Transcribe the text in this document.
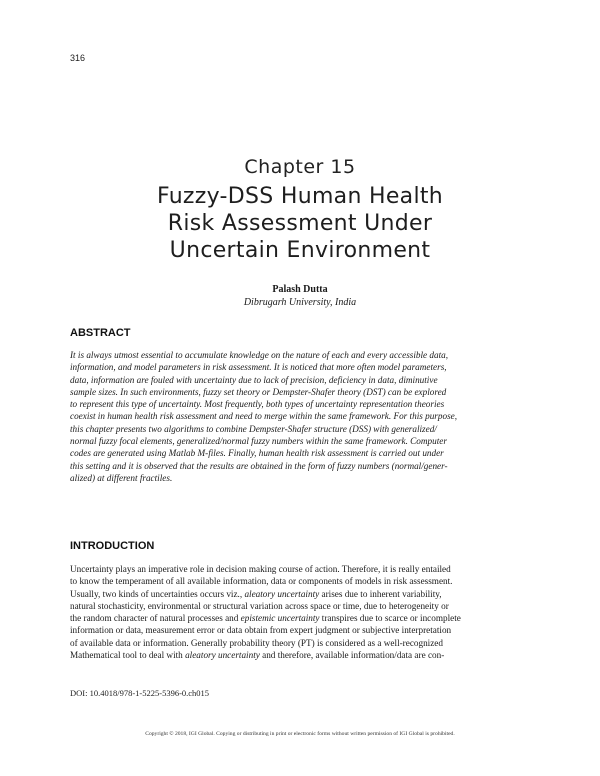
316
Chapter 15
Fuzzy-DSS Human Health
Risk Assessment Under
Uncertain Environment
Palash Dutta
Dibrugarh University, India
ABSTRACT
It is always utmost essential to accumulate knowledge on the nature of each and every accessible data,
information, and model parameters in risk assessment. It is noticed that more often model parameters,
data, information are fouled with uncertainty due to lack of precision, deficiency in data, diminutive
sample sizes. In such environments, fuzzy set theory or Dempster-Shafer theory (DST) can be explored
to represent this type of uncertainty. Most frequently, both types of uncertainty representation theories
coexist in human health risk assessment and need to merge within the same framework. For this purpose,
this chapter presents two algorithms to combine Dempster-Shafer structure (DSS) with generalized/
normal fuzzy focal elements, generalized/normal fuzzy numbers within the same framework. Computer
codes are generated using Matlab M-files. Finally, human health risk assessment is carried out under
this setting and it is observed that the results are obtained in the form of fuzzy numbers (normal/gener-
alized) at different fractiles.
INTRODUCTION
Uncertainty plays an imperative role in decision making course of action. Therefore, it is really entailed
to know the temperament of all available information, data or components of models in risk assessment.
Usually, two kinds of uncertainties occurs viz., aleatory uncertainty arises due to inherent variability,
natural stochasticity, environmental or structural variation across space or time, due to heterogeneity or
the random character of natural processes and epistemic uncertainty transpires due to scarce or incomplete
information or data, measurement error or data obtain from expert judgment or subjective interpretation
of available data or information. Generally probability theory (PT) is considered as a well-recognized
Mathematical tool to deal with aleatory uncertainty and therefore, available information/data are con-
DOI: 10.4018/978-1-5225-5396-0.ch015
Copyright © 2018, IGI Global. Copying or distributing in print or electronic forms without written permission of IGI Global is prohibited.
